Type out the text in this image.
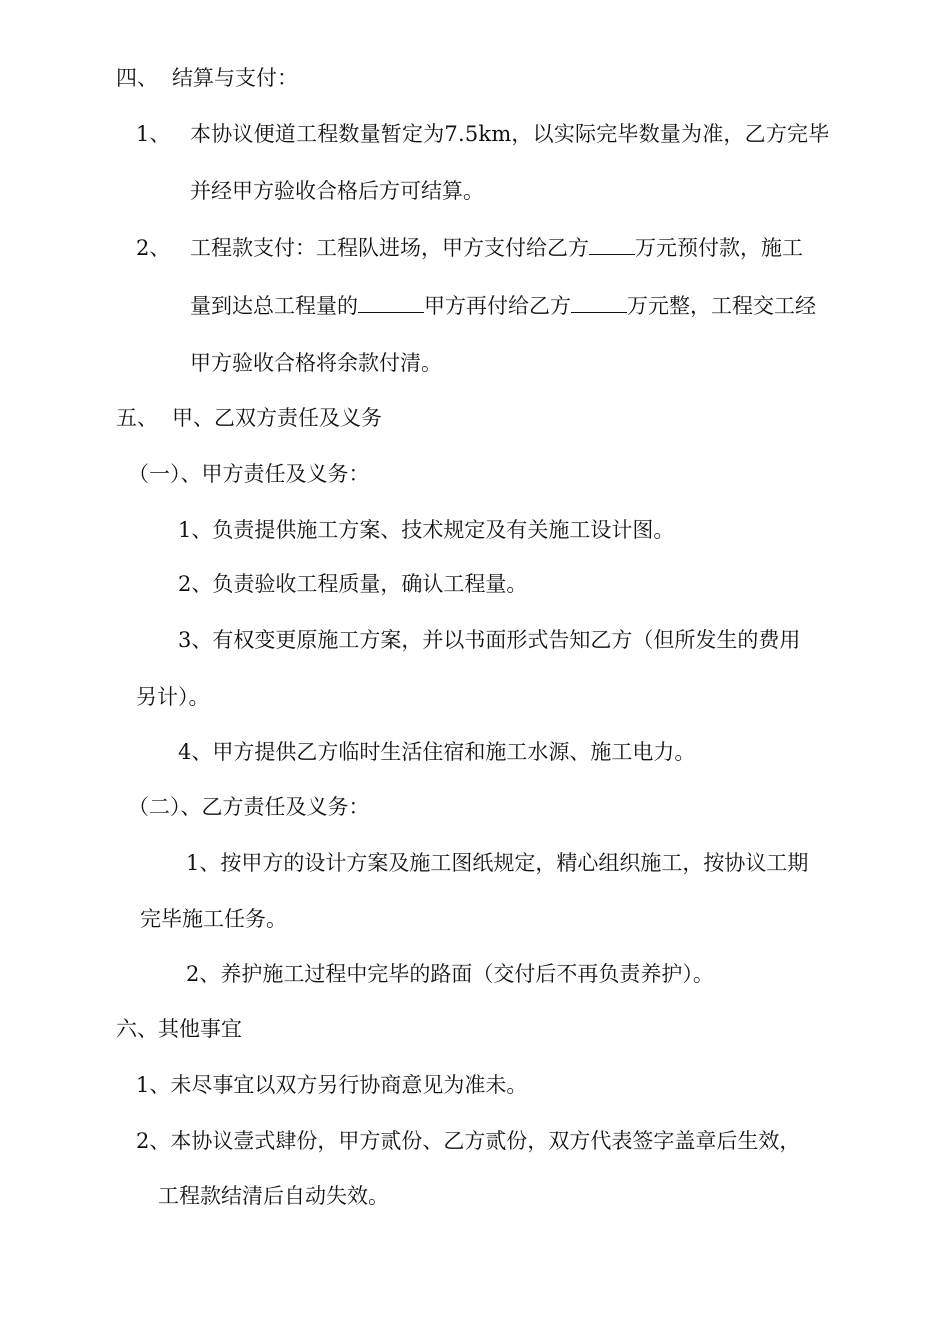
四、 结算与支付：
1、 本协议便道工程数量暂定为7.5km，以实际完毕数量为准，乙方完毕
并经甲方验收合格后方可结算。
2、 工程款支付：工程队进场，甲方支付给乙方 万元预付款，施工
量到达总工程量的	甲方再付给乙方	万元整，工程交工经
甲方验收合格将余款付清。
五、 甲、乙双方责任及义务
（一）、甲方责任及义务：
1、负责提供施工方案、技术规定及有关施工设计图。
2、负责验收工程质量，确认工程量。
3、有权变更原施工方案，并以书面形式告知乙方（但所发生的费用
另计）。
4、甲方提供乙方临时生活住宿和施工水源、施工电力。
（二）、乙方责任及义务：
1、按甲方的设计方案及施工图纸规定，精心组织施工，按协议工期
完毕施工任务。
2、养护施工过程中完毕的路面（交付后不再负责养护）。
六、其他事宜
1、未尽事宜以双方另行协商意见为准未。
2、本协议壹式肆份，甲方贰份、乙方贰份，双方代表签字盖章后生效，
工程款结清后自动失效。
